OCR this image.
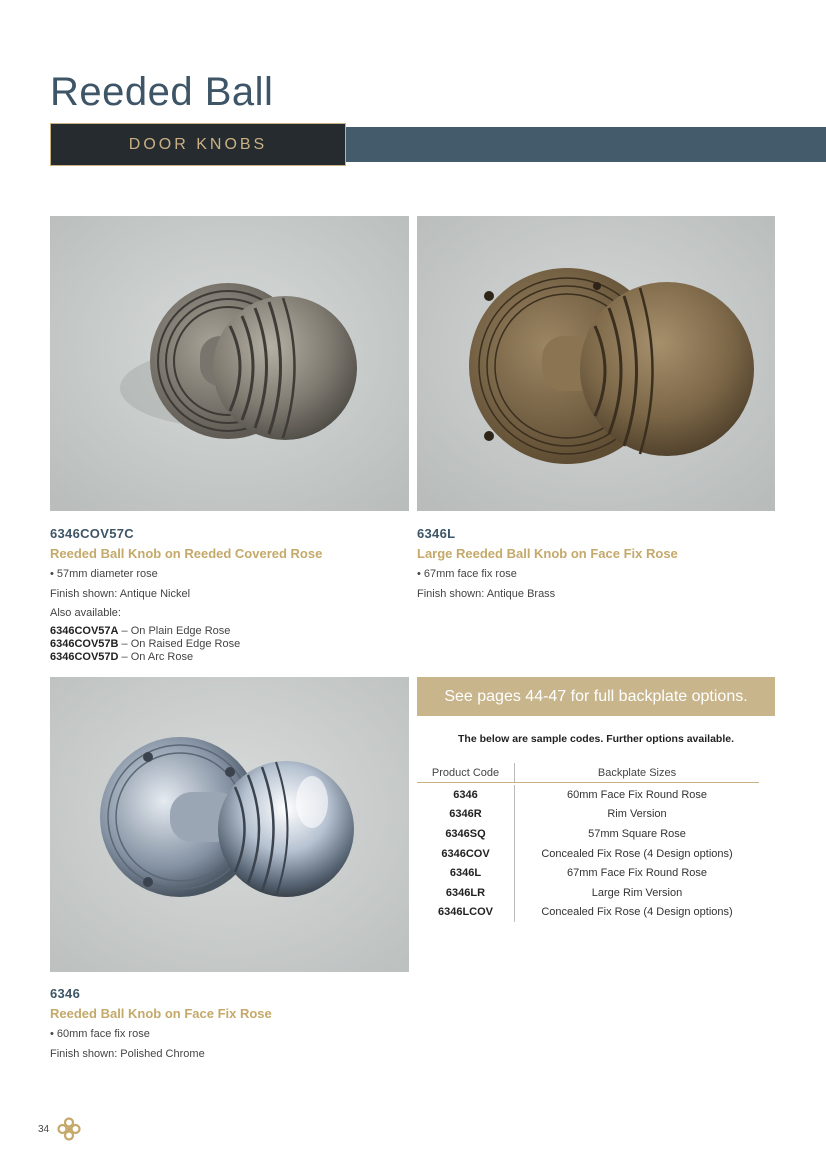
Reeded Ball
DOOR KNOBS
6346COV57C
Reeded Ball Knob on Reeded Covered Rose
• 57mm diameter rose
Finish shown: Antique Nickel
Also available:
6346COV57A – On Plain Edge Rose
6346COV57B – On Raised Edge Rose
6346COV57D – On Arc Rose
6346L
Large Reeded Ball Knob on Face Fix Rose
• 67mm face fix rose
Finish shown: Antique Brass
6346
Reeded Ball Knob on Face Fix Rose
• 60mm face fix rose
Finish shown: Polished Chrome
See pages 44-47 for full backplate options.
The below are sample codes. Further options available.
Product Code	Backplate Sizes
6346	60mm Face Fix Round Rose
6346R	Rim Version
6346SQ	57mm Square Rose
6346COV	Concealed Fix Rose (4 Design options)
6346L	67mm Face Fix Round Rose
6346LR	Large Rim Version
6346LCOV	Concealed Fix Rose (4 Design options)
34
